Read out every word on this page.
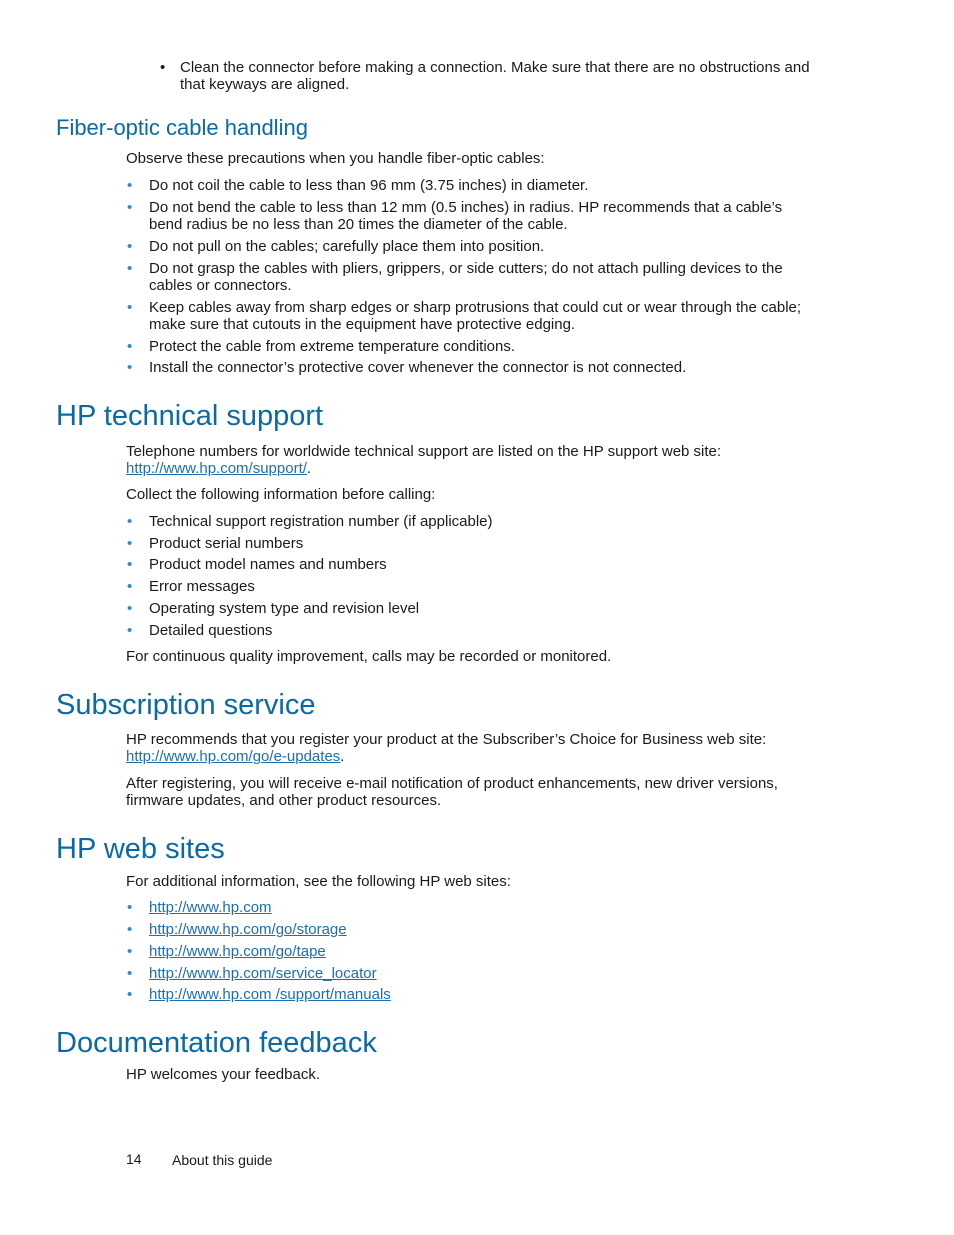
• Clean the connector before making a connection. Make sure that there are no obstructions and that keyways are aligned.
Fiber-optic cable handling
Observe these precautions when you handle fiber-optic cables:
• Do not coil the cable to less than 96 mm (3.75 inches) in diameter.
• Do not bend the cable to less than 12 mm (0.5 inches) in radius. HP recommends that a cable’s bend radius be no less than 20 times the diameter of the cable.
• Do not pull on the cables; carefully place them into position.
• Do not grasp the cables with pliers, grippers, or side cutters; do not attach pulling devices to the cables or connectors.
• Keep cables away from sharp edges or sharp protrusions that could cut or wear through the cable; make sure that cutouts in the equipment have protective edging.
• Protect the cable from extreme temperature conditions.
• Install the connector’s protective cover whenever the connector is not connected.
HP technical support
Telephone numbers for worldwide technical support are listed on the HP support web site:
http://www.hp.com/support/.
Collect the following information before calling:
• Technical support registration number (if applicable)
• Product serial numbers
• Product model names and numbers
• Error messages
• Operating system type and revision level
• Detailed questions
For continuous quality improvement, calls may be recorded or monitored.
Subscription service
HP recommends that you register your product at the Subscriber’s Choice for Business web site:
http://www.hp.com/go/e-updates.
After registering, you will receive e-mail notification of product enhancements, new driver versions, firmware updates, and other product resources.
HP web sites
For additional information, see the following HP web sites:
• http://www.hp.com
• http://www.hp.com/go/storage
• http://www.hp.com/go/tape
• http://www.hp.com/service_locator
• http://www.hp.com /support/manuals
Documentation feedback
HP welcomes your feedback.
14 About this guide
